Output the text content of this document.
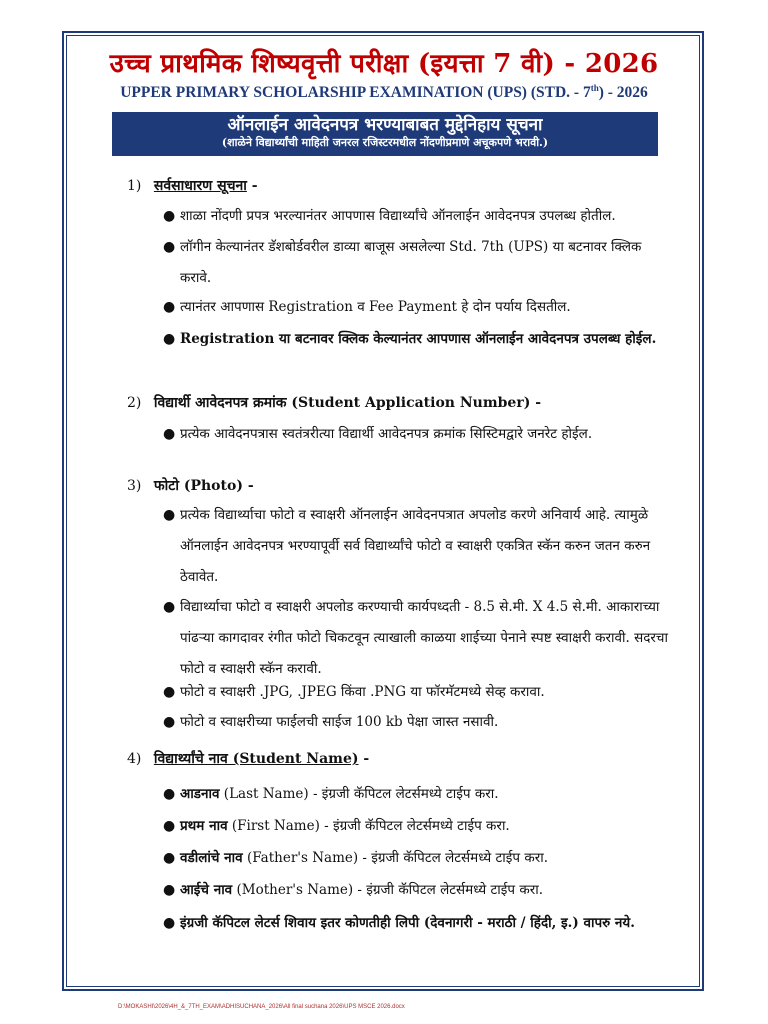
उच्च प्राथमिक शिष्यवृत्ती परीक्षा (इयत्ता 7 वी) - 2026
UPPER PRIMARY SCHOLARSHIP EXAMINATION (UPS) (STD. - 7th) - 2026
ऑनलाईन आवेदनपत्र भरण्याबाबत मुद्देनिहाय सूचना
(शाळेने विद्यार्थ्यांची माहिती जनरल रजिस्टरमधील नोंदणीप्रमाणे अचूकपणे भरावी.)
1) सर्वसाधारण सूचना -
● शाळा नोंदणी प्रपत्र भरल्यानंतर आपणास विद्यार्थ्यांचे ऑनलाईन आवेदनपत्र उपलब्ध होतील.
● लॉगीन केल्यानंतर डॅशबोर्डवरील डाव्या बाजूस असलेल्या Std. 7th (UPS) या बटनावर क्लिक करावे.
● त्यानंतर आपणास Registration व Fee Payment हे दोन पर्याय दिसतील.
● Registration या बटनावर क्लिक केल्यानंतर आपणास ऑनलाईन आवेदनपत्र उपलब्ध होईल.
2) विद्यार्थी आवेदनपत्र क्रमांक (Student Application Number) -
● प्रत्येक आवेदनपत्रास स्वतंत्ररीत्या विद्यार्थी आवेदनपत्र क्रमांक सिस्टिमद्वारे जनरेट होईल.
3) फोटो (Photo) -
● प्रत्येक विद्यार्थ्याचा फोटो व स्वाक्षरी ऑनलाईन आवेदनपत्रात अपलोड करणे अनिवार्य आहे. त्यामुळे ऑनलाईन आवेदनपत्र भरण्यापूर्वी सर्व विद्यार्थ्यांचे फोटो व स्वाक्षरी एकत्रित स्कॅन करुन जतन करुन ठेवावेत.
● विद्यार्थ्याचा फोटो व स्वाक्षरी अपलोड करण्याची कार्यपध्दती - 8.5 से.मी. X 4.5 से.मी. आकाराच्या पांढऱ्या कागदावर रंगीत फोटो चिकटवून त्याखाली काळया शाईच्या पेनाने स्पष्ट स्वाक्षरी करावी. सदरचा फोटो व स्वाक्षरी स्कॅन करावी.
● फोटो व स्वाक्षरी .JPG, .JPEG किंवा .PNG या फॉरमॅटमध्ये सेव्ह करावा.
● फोटो व स्वाक्षरीच्या फाईलची साईज 100 kb पेक्षा जास्त नसावी.
4) विद्यार्थ्यांचे नाव (Student Name) -
● आडनाव (Last Name) - इंग्रजी कॅपिटल लेटर्समध्ये टाईप करा.
● प्रथम नाव (First Name) - इंग्रजी कॅपिटल लेटर्समध्ये टाईप करा.
● वडीलांचे नाव (Father's Name) - इंग्रजी कॅपिटल लेटर्समध्ये टाईप करा.
● आईचे नाव (Mother's Name) - इंग्रजी कॅपिटल लेटर्समध्ये टाईप करा.
● इंग्रजी कॅपिटल लेटर्स शिवाय इतर कोणतीही लिपी (देवनागरी - मराठी / हिंदी, इ.) वापरु नये.
D:\MOKASHI\2026\4H_&_7TH_EXAM\ADHISUCHANA_2026\All final suchana 2026\UPS MSCE 2026.docx
